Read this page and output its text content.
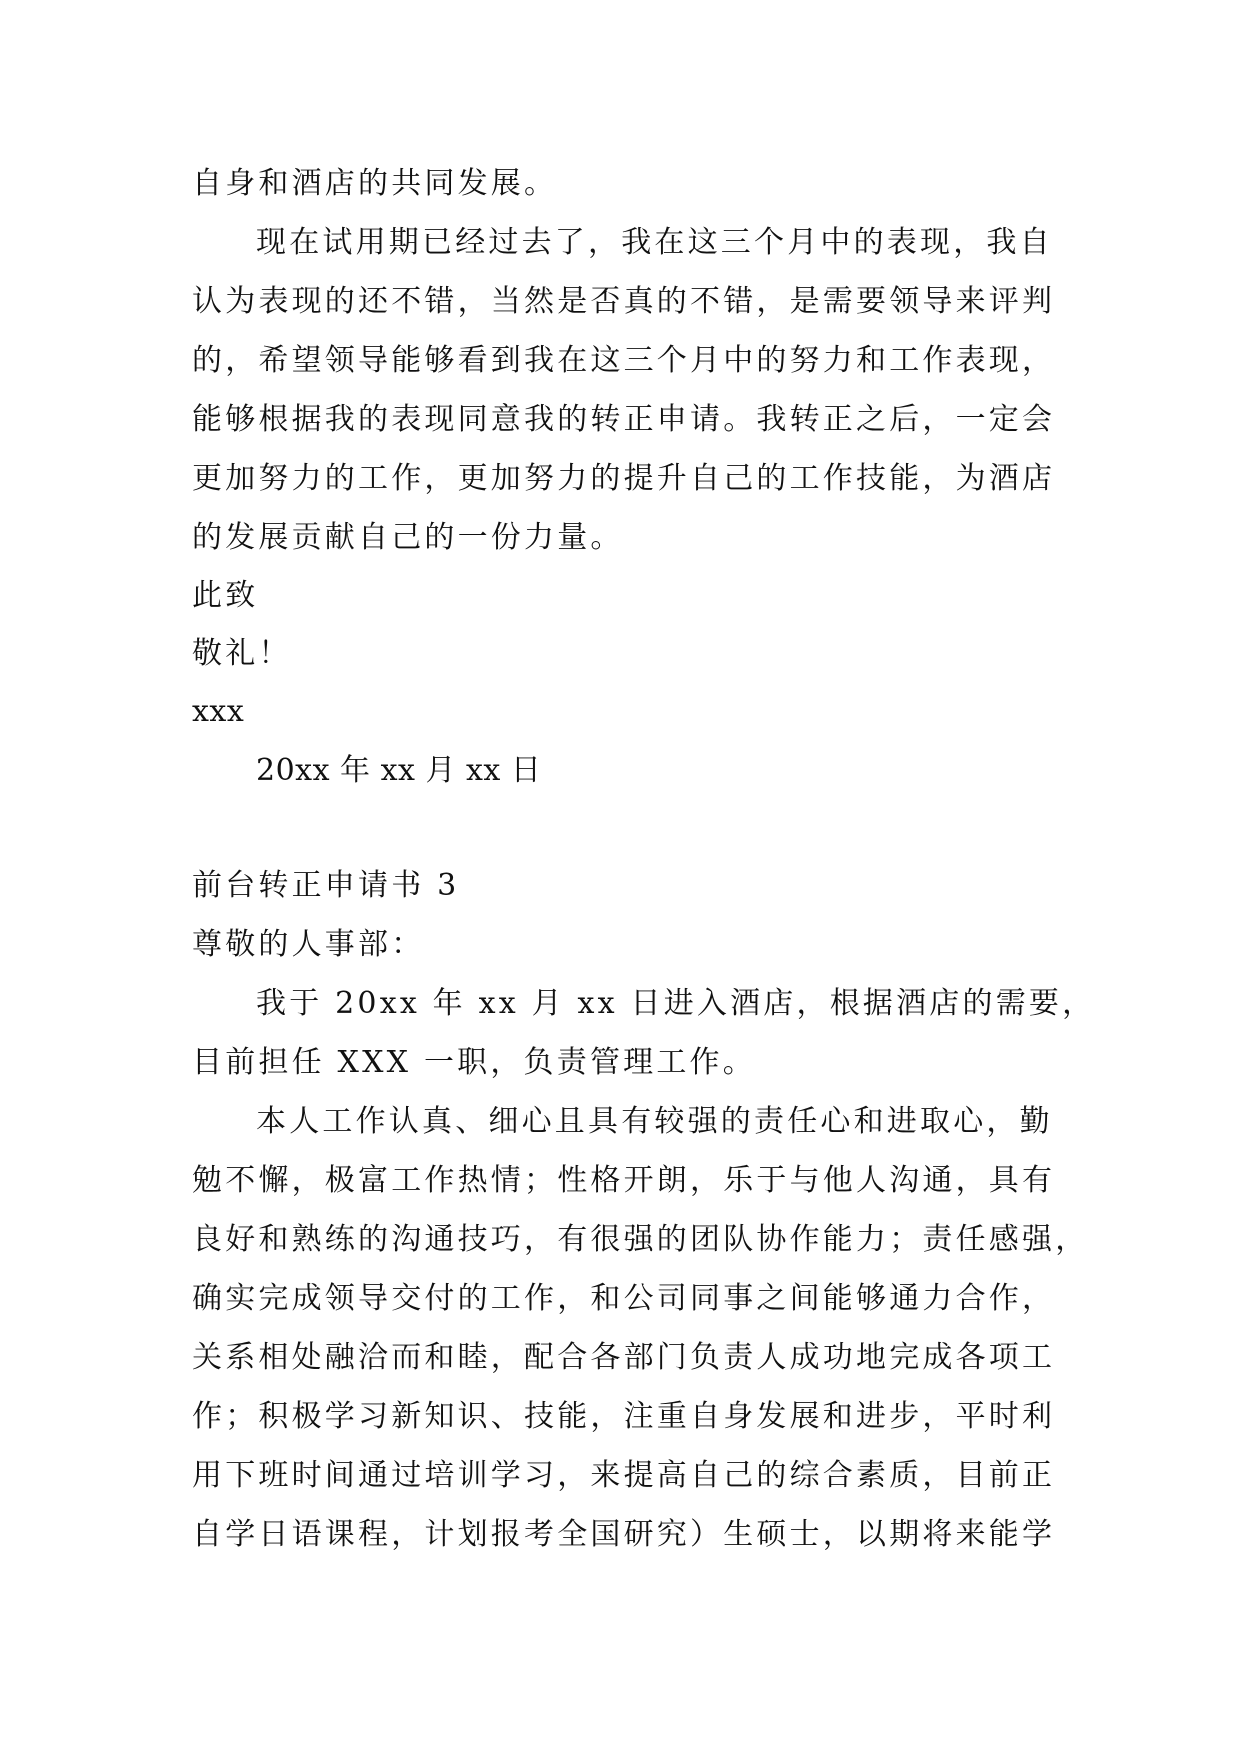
自身和酒店的共同发展。
现在试用期已经过去了，我在这三个月中的表现，我自
认为表现的还不错，当然是否真的不错，是需要领导来评判
的，希望领导能够看到我在这三个月中的努力和工作表现，
能够根据我的表现同意我的转正申请。我转正之后，一定会
更加努力的工作，更加努力的提升自己的工作技能，为酒店
的发展贡献自己的一份力量。
此致
敬礼！
xxx
20xx 年 xx 月 xx 日
前台转正申请书 3
尊敬的人事部：
我于 20xx 年 xx 月 xx 日进入酒店，根据酒店的需要，
目前担任 XXX 一职，负责管理工作。
本人工作认真、细心且具有较强的责任心和进取心，勤
勉不懈，极富工作热情；性格开朗，乐于与他人沟通，具有
良好和熟练的沟通技巧，有很强的团队协作能力；责任感强，
确实完成领导交付的工作，和公司同事之间能够通力合作，
关系相处融洽而和睦，配合各部门负责人成功地完成各项工
作；积极学习新知识、技能，注重自身发展和进步，平时利
用下班时间通过培训学习，来提高自己的综合素质，目前正
自学日语课程，计划报考全国研究）生硕士，以期将来能学
